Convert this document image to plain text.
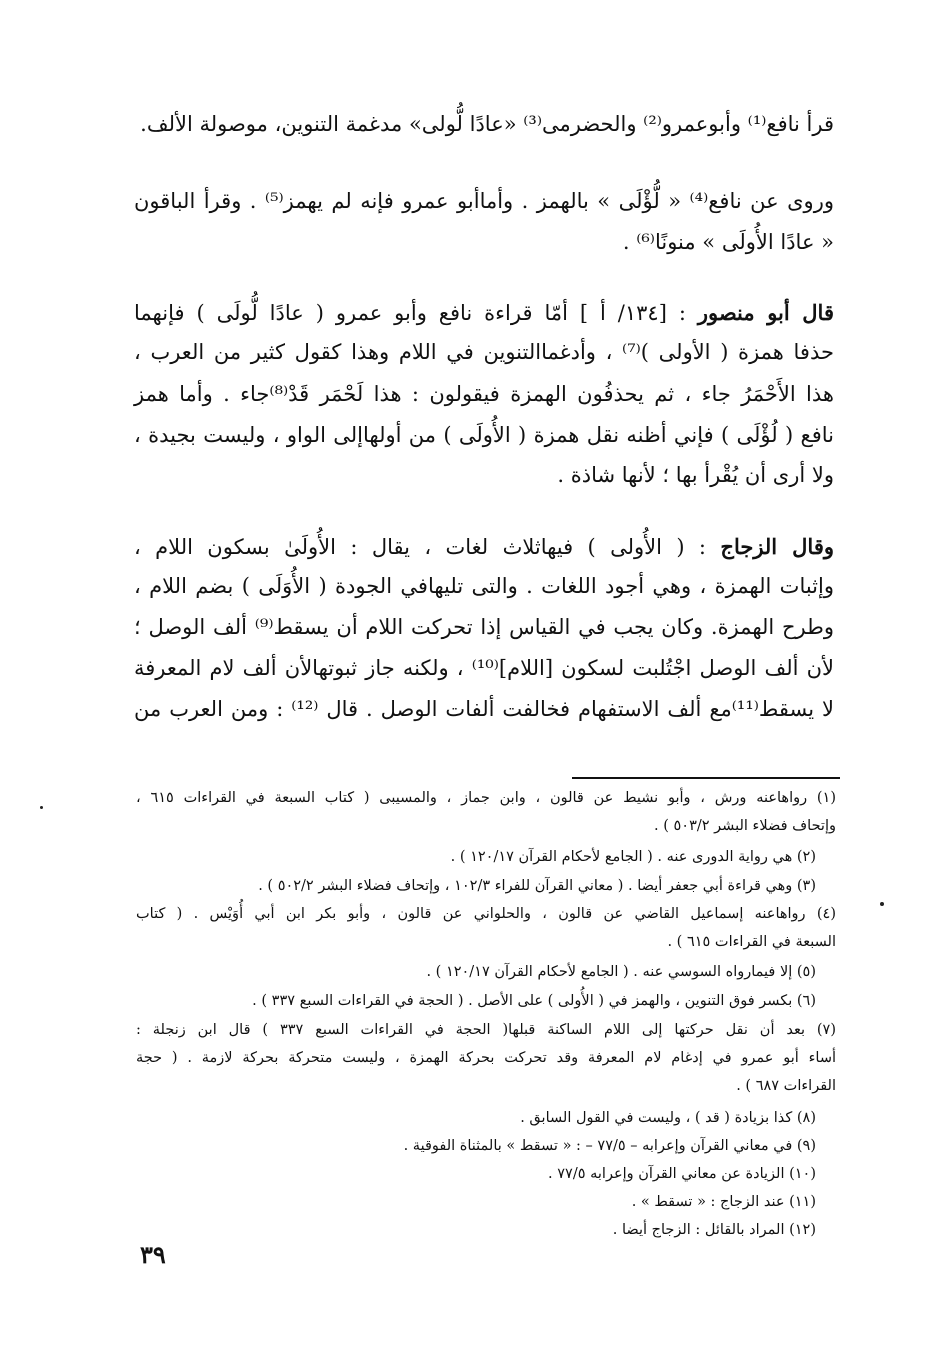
قرأ نافع⁽¹⁾ وأبوعمرو⁽²⁾ والحضرمى⁽³⁾ «عادًا لُّولى» مدغمة التنوين، موصولة الألف.
وروى عن نافع⁽⁴⁾ « لُّؤْلَى » بالهمز . وأماأبو عمرو فإنه لم يهمز⁽⁵⁾ . وقرأ الباقون
« عادًا الأُولَى » منونًا⁽⁶⁾ .
قال أبو منصور : [١٣٤/ أ ] أمّا قراءة نافع وأبو عمرو ( عادًا لُّولَى ) فإنهما
حذفا همزة ( الأولى )⁽⁷⁾ ، وأدغماالتنوين في اللام وهذا كقول كثير من العرب ،
هذا الأَحْمَرُ جاء ، ثم يحذفُون الهمزة فيقولون : هذا لَحْمَر قَدْ⁽⁸⁾جاء . وأما همز
نافع ( لُؤْلَى ) فإني أظنه نقل همزة ( الأُولَى ) من أولهاإلى الواو ، وليست بجيدة ،
ولا أرى أن يُقْرأ بها ؛ لأنها شاذة .
وقال الزجاج : ( الأُولى ) فيهاثلاث لغات ، يقال : الأُولَىٰ بسكون اللام ،
وإثبات الهمزة ، وهي أجود اللغات . والتى تليهافي الجودة ( الأُوَلَى ) بضم اللام ،
وطرح الهمزة. وكان يجب في القياس إذا تحركت اللام أن يسقط⁽⁹⁾ ألف الوصل ؛
لأن ألف الوصل اجْتُلبت لسكون [اللام]⁽¹⁰⁾ ، ولكنه جاز ثبوتهالأن ألف لام المعرفة
لا يسقط⁽¹¹⁾مع ألف الاستفهام فخالفت ألفات الوصل . قال ⁽¹²⁾ : ومن العرب من
(١) رواهاعنه ورش ، وأبو نشيط عن قالون ، وابن جماز ، والمسيبى ( كتاب السبعة في القراءات ٦١٥ ،
وإتحاف فضلاء البشر ٥٠٣/٢ ) .
(٢) هي رواية الدورى عنه . ( الجامع لأحكام القرآن ١٢٠/١٧ ) .
(٣) وهي قراءة أبي جعفر أيضا . ( معاني القرآن للفراء ١٠٢/٣ ، وإتحاف فضلاء البشر ٥٠٢/٢ ) .
(٤) رواهاعنه إسماعيل القاضي عن قالون ، والحلواني عن قالون ، وأبو بكر ابن أبي أُوَيْس . ( كتاب
السبعة في القراءات ٦١٥ ) .
(٥) إلا فيمارواه السوسي عنه . ( الجامع لأحكام القرآن ١٢٠/١٧ ) .
(٦) بكسر فوق التنوين ، والهمز في ( الأُولى ) على الأصل . ( الحجة في القراءات السبع ٣٣٧ ) .
(٧) بعد أن نقل حركتها إلى اللام الساكنة قبلها( الحجة في القراءات السبع ٣٣٧ ) قال ابن زنجلة :
أساء أبو عمرو في إدغام لام المعرفة وقد تحركت بحركة الهمزة ، وليست متحركة بحركة لازمة . ( حجة
القراءات ٦٨٧ ) .
(٨) كذا بزيادة ( قد ) ، وليست في القول السابق .
(٩) في معاني القرآن وإعرابه – ٧٧/٥ – : « تسقط » بالمثناة الفوقية .
(١٠) الزيادة عن معاني القرآن وإعرابه ٧٧/٥ .
(١١) عند الزجاج : « تسقط » .
(١٢) المراد بالقائل : الزجاج أيضا .
٣٩
